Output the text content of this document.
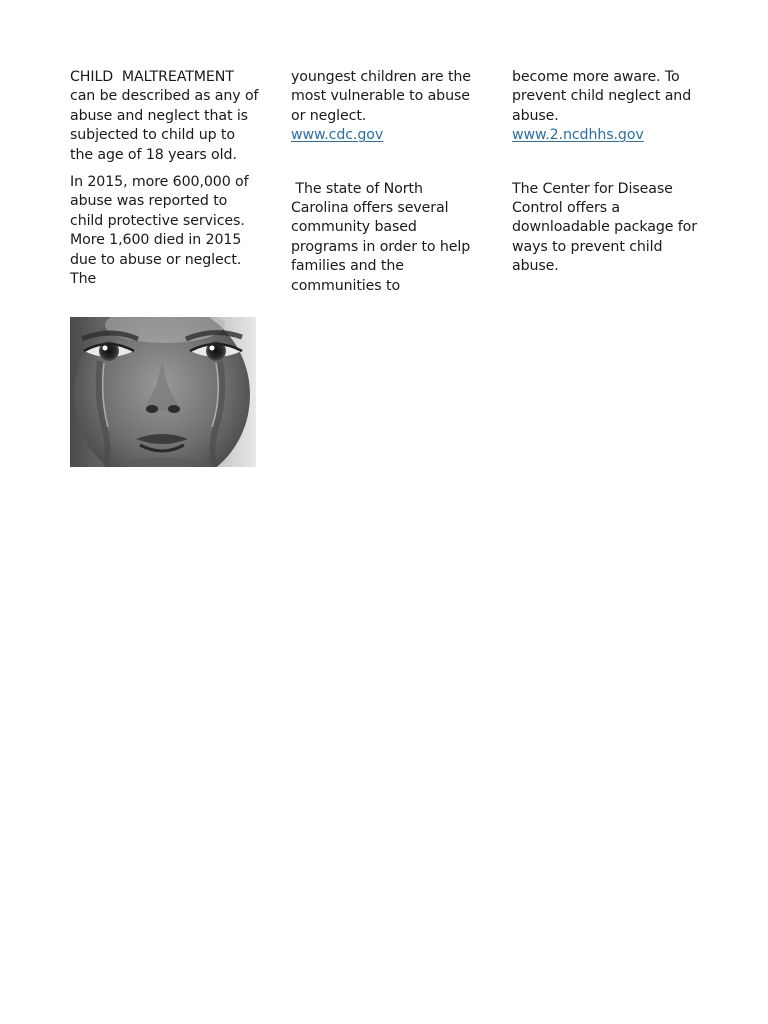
CHILD  MALTREATMENT can be described as any of abuse and neglect that is subjected to child up to the age of 18 years old.

In 2015, more 600,000 of abuse was reported to child protective services. More 1,600 died in 2015 due to abuse or neglect.  The

youngest children are the most vulnerable to abuse or neglect.

www.cdc.gov

The state of North Carolina offers several community based programs in order to help families and the communities to

become more aware. To prevent child neglect and abuse.

www.2.ncdhhs.gov

The Center for Disease Control offers a downloadable package for ways to prevent child abuse.
